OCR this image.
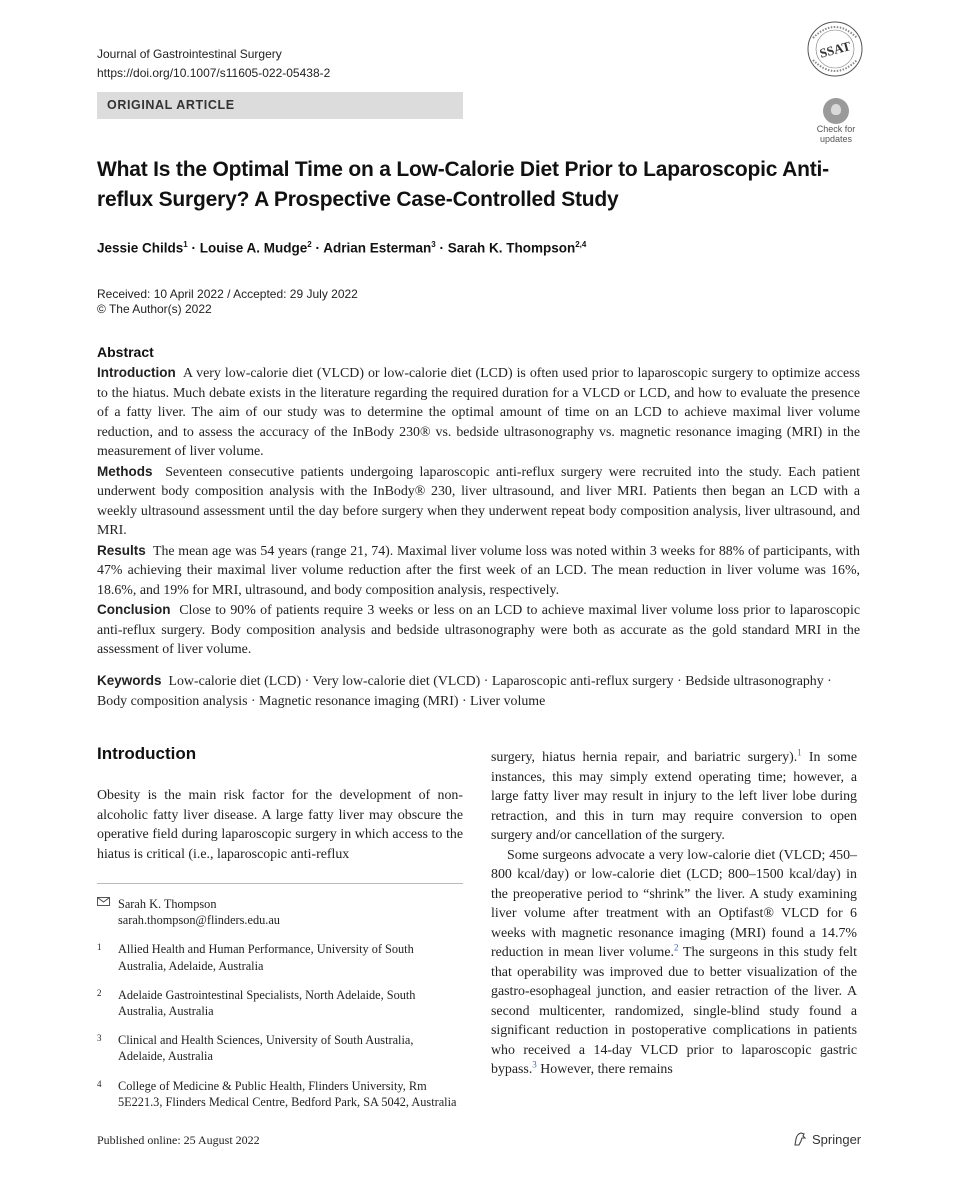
Journal of Gastrointestinal Surgery
https://doi.org/10.1007/s11605-022-05438-2
SSAT
ORIGINAL ARTICLE
Check for
updates
What Is the Optimal Time on a Low-Calorie Diet Prior to Laparoscopic Anti-reflux Surgery? A Prospective Case-Controlled Study
Jessie Childs$^1$ · Louise A. Mudge$^2$ · Adrian Esterman$^3$ · Sarah K. Thompson$^{2,4}$
Received: 10 April 2022 / Accepted: 29 July 2022
© The Author(s) 2022
Abstract

Introduction A very low-calorie diet (VLCD) or low-calorie diet (LCD) is often used prior to laparoscopic surgery to optimize access to the hiatus. Much debate exists in the literature regarding the required duration for a VLCD or LCD, and how to evaluate the presence of a fatty liver. The aim of our study was to determine the optimal amount of time on an LCD to achieve maximal liver volume reduction, and to assess the accuracy of the InBody 230® vs. bedside ultrasonography vs. magnetic resonance imaging (MRI) in the measurement of liver volume.

Methods Seventeen consecutive patients undergoing laparoscopic anti-reflux surgery were recruited into the study. Each patient underwent body composition analysis with the InBody® 230, liver ultrasound, and liver MRI. Patients then began an LCD with a weekly ultrasound assessment until the day before surgery when they underwent repeat body composition analysis, liver ultrasound, and MRI.

Results The mean age was 54 years (range 21, 74). Maximal liver volume loss was noted within 3 weeks for 88% of participants, with 47% achieving their maximal liver volume reduction after the first week of an LCD. The mean reduction in liver volume was 16%, 18.6%, and 19% for MRI, ultrasound, and body composition analysis, respectively.

Conclusion Close to 90% of patients require 3 weeks or less on an LCD to achieve maximal liver volume loss prior to laparoscopic anti-reflux surgery. Body composition analysis and bedside ultrasonography were both as accurate as the gold standard MRI in the assessment of liver volume.

Keywords Low-calorie diet (LCD) · Very low-calorie diet (VLCD) · Laparoscopic anti-reflux surgery · Bedside ultrasonography · Body composition analysis · Magnetic resonance imaging (MRI) · Liver volume
Introduction
Obesity is the main risk factor for the development of non-alcoholic fatty liver disease. A large fatty liver may obscure the operative field during laparoscopic surgery in which access to the hiatus is critical (i.e., laparoscopic anti-reflux
Sarah K. Thompson
sarah.thompson@flinders.edu.au
1 Allied Health and Human Performance, University of South Australia, Adelaide, Australia
2 Adelaide Gastrointestinal Specialists, North Adelaide, South Australia, Australia
3 Clinical and Health Sciences, University of South Australia, Adelaide, Australia
4 College of Medicine & Public Health, Flinders University, Rm 5E221.3, Flinders Medical Centre, Bedford Park, SA 5042, Australia

surgery, hiatus hernia repair, and bariatric surgery).$^1$ In some instances, this may simply extend operating time; however, a large fatty liver may result in injury to the left liver lobe during retraction, and this in turn may require conversion to open surgery and/or cancellation of the surgery.

Some surgeons advocate a very low-calorie diet (VLCD; 450–800 kcal/day) or low-calorie diet (LCD; 800–1500 kcal/day) in the preoperative period to “shrink” the liver. A study examining liver volume after treatment with an Optifast® VLCD for 6 weeks with magnetic resonance imaging (MRI) found a 14.7% reduction in mean liver volume.$^2$ The surgeons in this study felt that operability was improved due to better visualization of the gastro-esophageal junction, and easier retraction of the liver. A second multicenter, randomized, single-blind study found a significant reduction in postoperative complications in patients who received a 14-day VLCD prior to laparoscopic gastric bypass.$^3$ However, there remains

Published online: 25 August 2022	Springer
